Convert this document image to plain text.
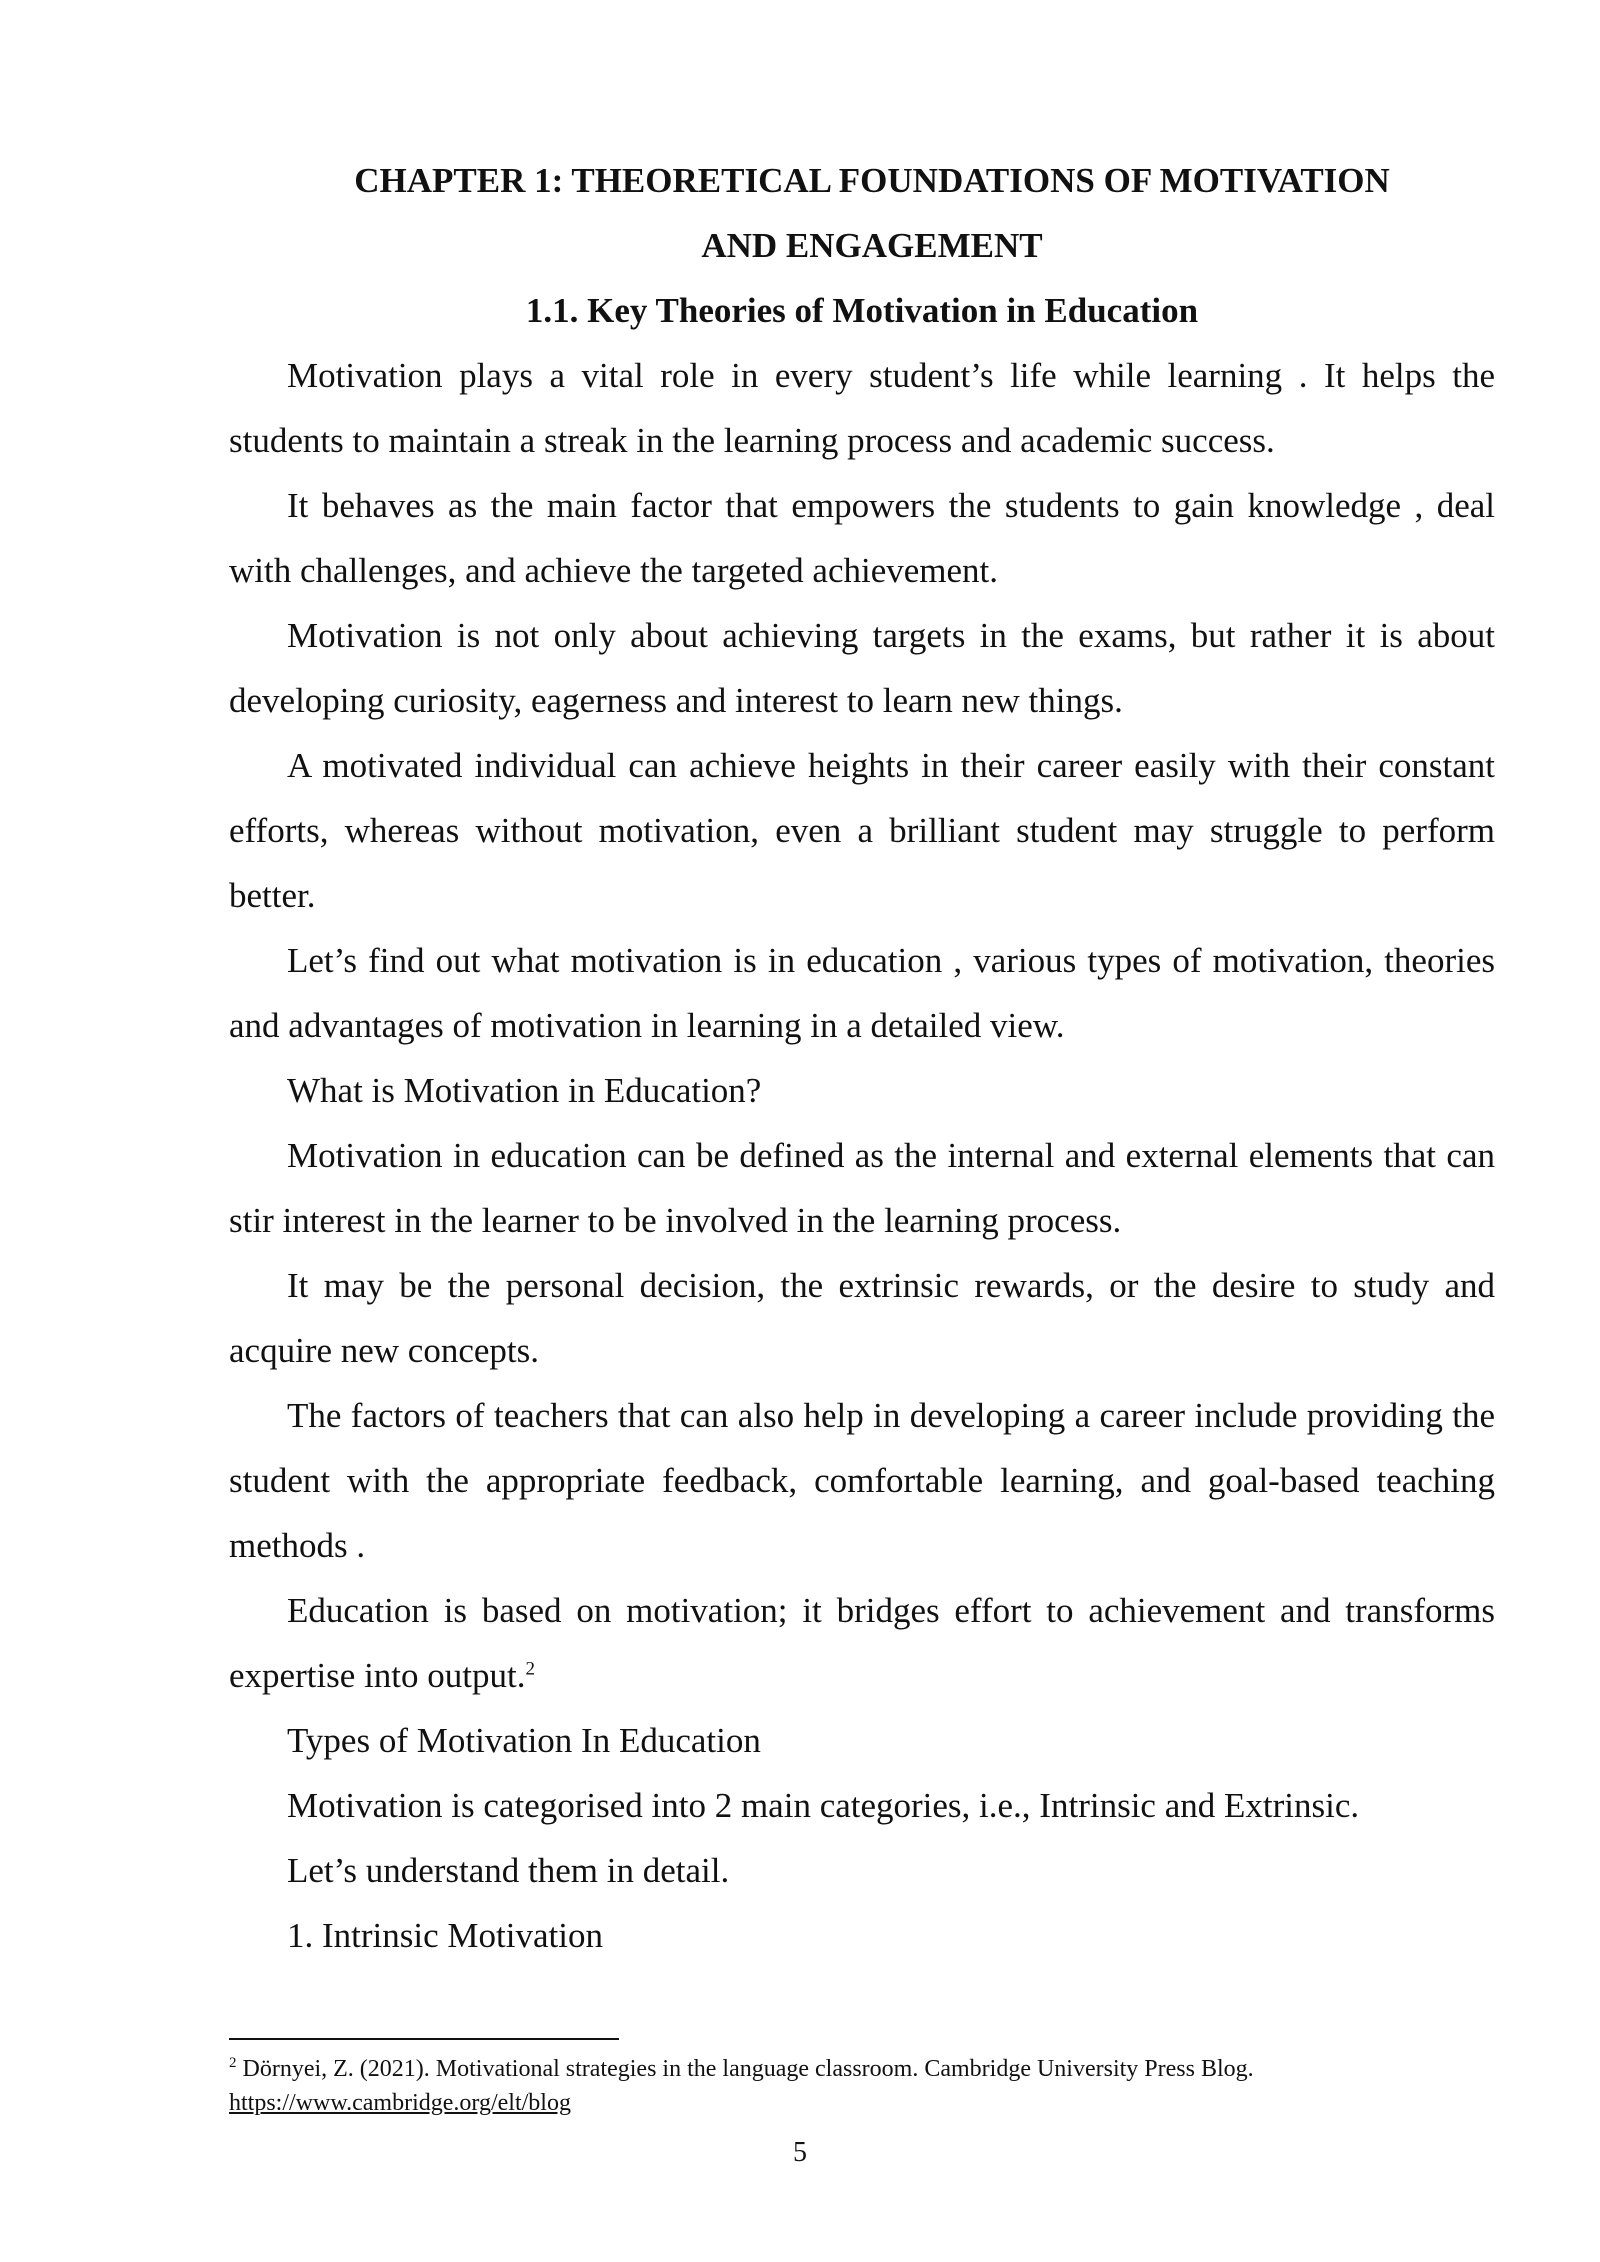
CHAPTER 1: THEORETICAL FOUNDATIONS OF MOTIVATION
AND ENGAGEMENT
1.1. Key Theories of Motivation in Education

Motivation plays a vital role in every student’s life while learning . It helps the students to maintain a streak in the learning process and academic success.

It behaves as the main factor that empowers the students to gain knowledge , deal with challenges, and achieve the targeted achievement.

Motivation is not only about achieving targets in the exams, but rather it is about developing curiosity, eagerness and interest to learn new things.

A motivated individual can achieve heights in their career easily with their constant efforts, whereas without motivation, even a brilliant student may struggle to perform better.

Let’s find out what motivation is in education , various types of motivation, theories and advantages of motivation in learning in a detailed view.

What is Motivation in Education?

Motivation in education can be defined as the internal and external elements that can stir interest in the learner to be involved in the learning process.

It may be the personal decision, the extrinsic rewards, or the desire to study and acquire new concepts.

The factors of teachers that can also help in developing a career include providing the student with the appropriate feedback, comfortable learning, and goal-based teaching methods .

Education is based on motivation; it bridges effort to achievement and transforms expertise into output.$^2$

Types of Motivation In Education

Motivation is categorised into 2 main categories, i.e., Intrinsic and Extrinsic.

Let’s understand them in detail.

1. Intrinsic Motivation

$^2$ Dörnyei, Z. (2021). Motivational strategies in the language classroom. Cambridge University Press Blog.
https://www.cambridge.org/elt/blog
5
